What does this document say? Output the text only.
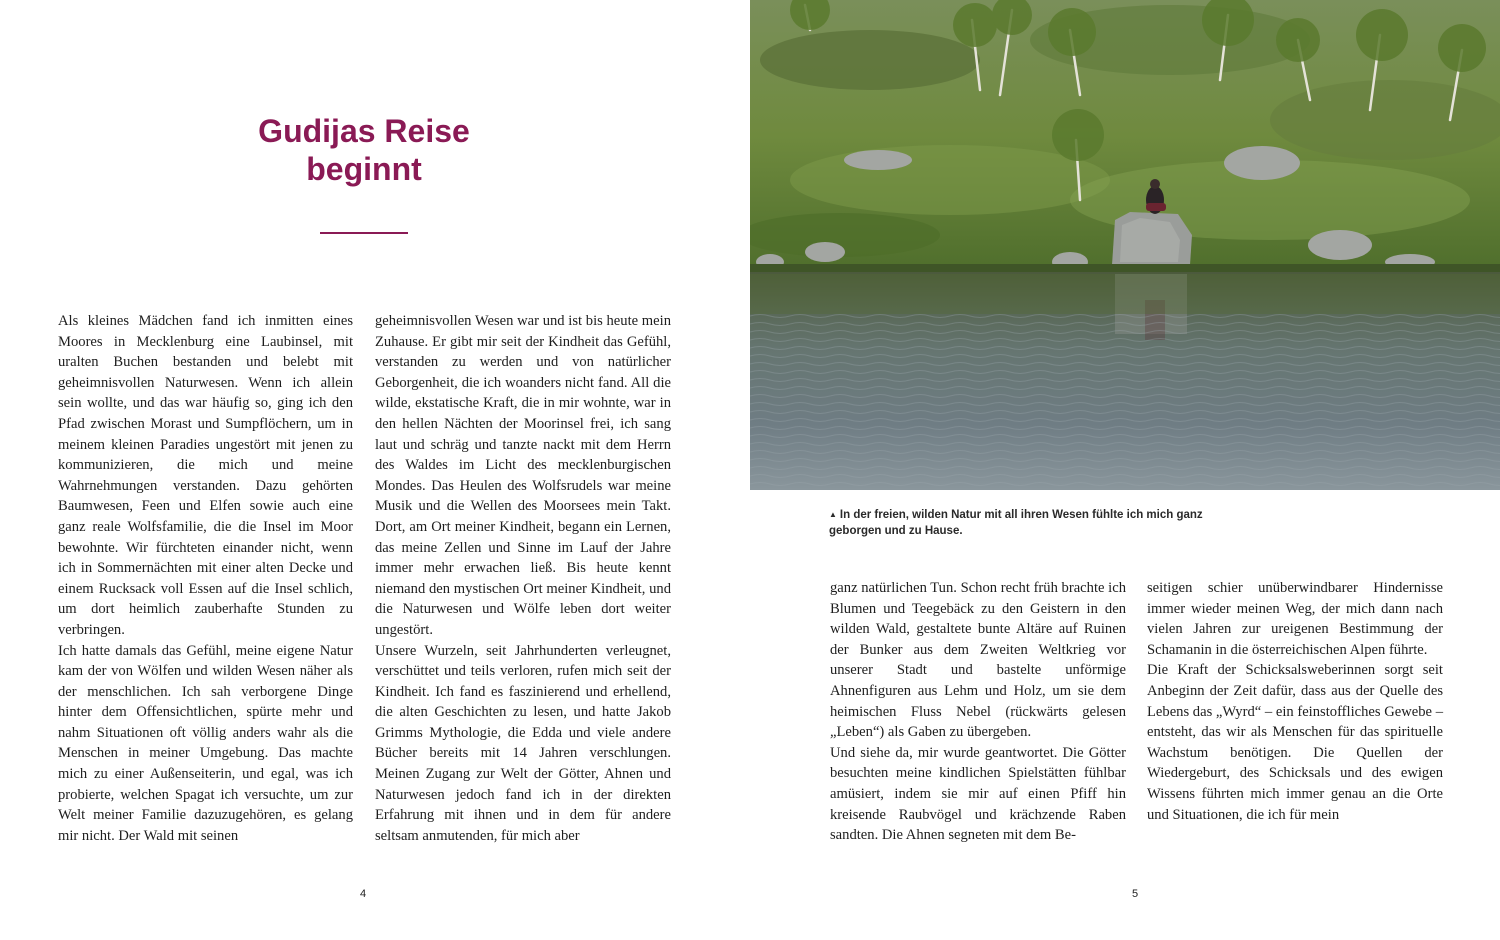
Gudijas Reise
beginnt

Als kleines Mädchen fand ich inmitten eines Moores in Mecklenburg eine Laubinsel, mit uralten Buchen bestanden und belebt mit geheimnisvollen Naturwesen. Wenn ich allein sein wollte, und das war häufig so, ging ich den Pfad zwischen Morast und Sumpflöchern, um in meinem kleinen Paradies ungestört mit jenen zu kommunizieren, die mich und meine Wahrnehmungen verstanden. Dazu gehörten Baumwesen, Feen und Elfen sowie auch eine ganz reale Wolfsfamilie, die die Insel im Moor bewohnte. Wir fürchteten einander nicht, wenn ich in Sommernächten mit einer alten Decke und einem Rucksack voll Essen auf die Insel schlich, um dort heimlich zauberhafte Stunden zu verbringen.

Ich hatte damals das Gefühl, meine eigene Natur kam der von Wölfen und wilden Wesen näher als der menschlichen. Ich sah verborgene Dinge hinter dem Offensichtlichen, spürte mehr und nahm Situationen oft völlig anders wahr als die Menschen in meiner Umgebung. Das machte mich zu einer Außenseiterin, und egal, was ich probierte, welchen Spagat ich versuchte, um zur Welt meiner Familie dazuzugehören, es gelang mir nicht. Der Wald mit seinen

geheimnisvollen Wesen war und ist bis heute mein Zuhause. Er gibt mir seit der Kindheit das Gefühl, verstanden zu werden und von natürlicher Geborgenheit, die ich woanders nicht fand. All die wilde, ekstatische Kraft, die in mir wohnte, war in den hellen Nächten der Moorinsel frei, ich sang laut und schräg und tanzte nackt mit dem Herrn des Waldes im Licht des mecklenburgischen Mondes. Das Heulen des Wolfsrudels war meine Musik und die Wellen des Moorsees mein Takt. Dort, am Ort meiner Kindheit, begann ein Lernen, das meine Zellen und Sinne im Lauf der Jahre immer mehr erwachen ließ. Bis heute kennt niemand den mystischen Ort meiner Kindheit, und die Naturwesen und Wölfe leben dort weiter ungestört.

Unsere Wurzeln, seit Jahrhunderten verleugnet, verschüttet und teils verloren, rufen mich seit der Kindheit. Ich fand es faszinierend und erhellend, die alten Geschichten zu lesen, und hatte Jakob Grimms Mythologie, die Edda und viele andere Bücher bereits mit 14 Jahren verschlungen. Meinen Zugang zur Welt der Götter, Ahnen und Naturwesen jedoch fand ich in der direkten Erfahrung mit ihnen und in dem für andere seltsam anmutenden, für mich aber

4
▲ In der freien, wilden Natur mit all ihren Wesen fühlte ich mich ganz geborgen und zu Hause.

ganz natürlichen Tun. Schon recht früh brachte ich Blumen und Teegebäck zu den Geistern in den wilden Wald, gestaltete bunte Altäre auf Ruinen der Bunker aus dem Zweiten Weltkrieg vor unserer Stadt und bastelte unförmige Ahnenfiguren aus Lehm und Holz, um sie dem heimischen Fluss Nebel (rückwärts gelesen „Leben“) als Gaben zu übergeben.

Und siehe da, mir wurde geantwortet. Die Götter besuchten meine kindlichen Spielstätten fühlbar amüsiert, indem sie mir auf einen Pfiff hin kreisende Raubvögel und krächzende Raben sandten. Die Ahnen segneten mit dem Be-

seitigen schier unüberwindbarer Hindernisse immer wieder meinen Weg, der mich dann nach vielen Jahren zur ureigenen Bestimmung der Schamanin in die österreichischen Alpen führte.

Die Kraft der Schicksalsweberinnen sorgt seit Anbeginn der Zeit dafür, dass aus der Quelle des Lebens das „Wyrd“ – ein feinstoffliches Gewebe – entsteht, das wir als Menschen für das spirituelle Wachstum benötigen. Die Quellen der Wiedergeburt, des Schicksals und des ewigen Wissens führten mich immer genau an die Orte und Situationen, die ich für mein

5
